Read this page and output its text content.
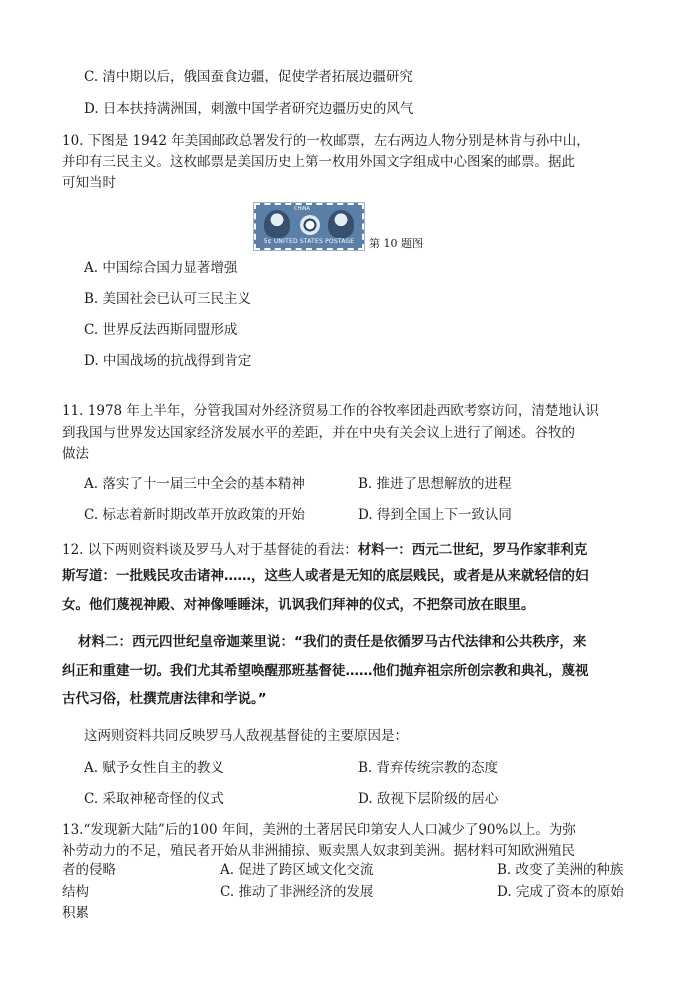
C. 清中期以后，俄国蚕食边疆，促使学者拓展边疆研究
D. 日本扶持满洲国，刺激中国学者研究边疆历史的风气
10. 下图是 1942 年美国邮政总署发行的一枚邮票，左右两边人物分别是林肯与孙中山，
并印有三民主义。这枚邮票是美国历史上第一枚用外国文字组成中心图案的邮票。据此
可知当时
CHINA
5¢ UNITED STATES POSTAGE	第 10 题图
A. 中国综合国力显著增强
B. 美国社会已认可三民主义
C. 世界反法西斯同盟形成
D. 中国战场的抗战得到肯定
11. 1978 年上半年，分管我国对外经济贸易工作的谷牧率团赴西欧考察访问，清楚地认识
到我国与世界发达国家经济发展水平的差距，并在中央有关会议上进行了阐述。谷牧的
做法
A. 落实了十一届三中全会的基本精神	B. 推进了思想解放的进程
C. 标志着新时期改革开放政策的开始	D. 得到全国上下一致认同
12. 以下两则资料谈及罗马人对于基督徒的看法：材料一：西元二世纪，罗马作家菲利克
斯写道：一批贱民攻击诸神……，这些人或者是无知的底层贱民，或者是从来就轻信的妇
女。他们蔑视神殿、对神像唾睡沫，讥讽我们拜神的仪式，不把祭司放在眼里。
材料二：西元四世纪皇帝迦莱里说：“我们的责任是依循罗马古代法律和公共秩序，来
纠正和重建一切。我们尤其希望唤醒那班基督徒……他们抛弃祖宗所创宗教和典礼，蔑视
古代习俗，杜撰荒唐法律和学说。”
这两则资料共同反映罗马人敌视基督徒的主要原因是：
A. 赋予女性自主的教义	B. 背弃传统宗教的态度
C. 采取神秘奇怪的仪式	D. 敌视下层阶级的居心
13.“发现新大陆”后的100 年间，美洲的土著居民印第安人人口减少了90%以上。为弥
补劳动力的不足，殖民者开始从非洲捕掠、贩卖黑人奴隶到美洲。据材料可知欧洲殖民
者的侵略	A. 促进了跨区域文化交流	B. 改变了美洲的种族
结构	C. 推动了非洲经济的发展	D. 完成了资本的原始
积累
